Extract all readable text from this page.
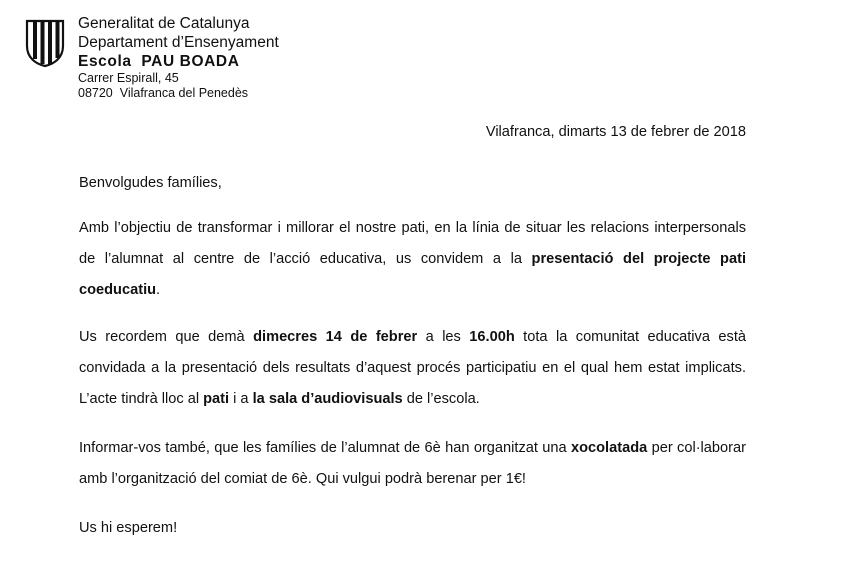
Generalitat de Catalunya

Departament d’Ensenyament

Escola  PAU BOADA

Carrer Espirall, 45

08720  Vilafranca del Penedès

Vilafranca, dimarts 13 de febrer de 2018

Benvolgudes famílies,

Amb l’objectiu de transformar i millorar el nostre pati, en la línia de situar les relacions interpersonals de l’alumnat al centre de l’acció educativa, us convidem a la presentació del projecte pati coeducatiu.

Us recordem que demà dimecres 14 de febrer a les 16.00h tota la comunitat educativa està convidada a la presentació dels resultats d’aquest procés participatiu en el qual hem estat implicats. L’acte tindrà lloc al pati i a la sala d’audiovisuals de l’escola.

Informar-vos també, que les famílies de l’alumnat de 6è han organitzat una xocolatada per col·laborar amb l’organització del comiat de 6è. Qui vulgui podrà berenar per 1€!

Us hi esperem!
